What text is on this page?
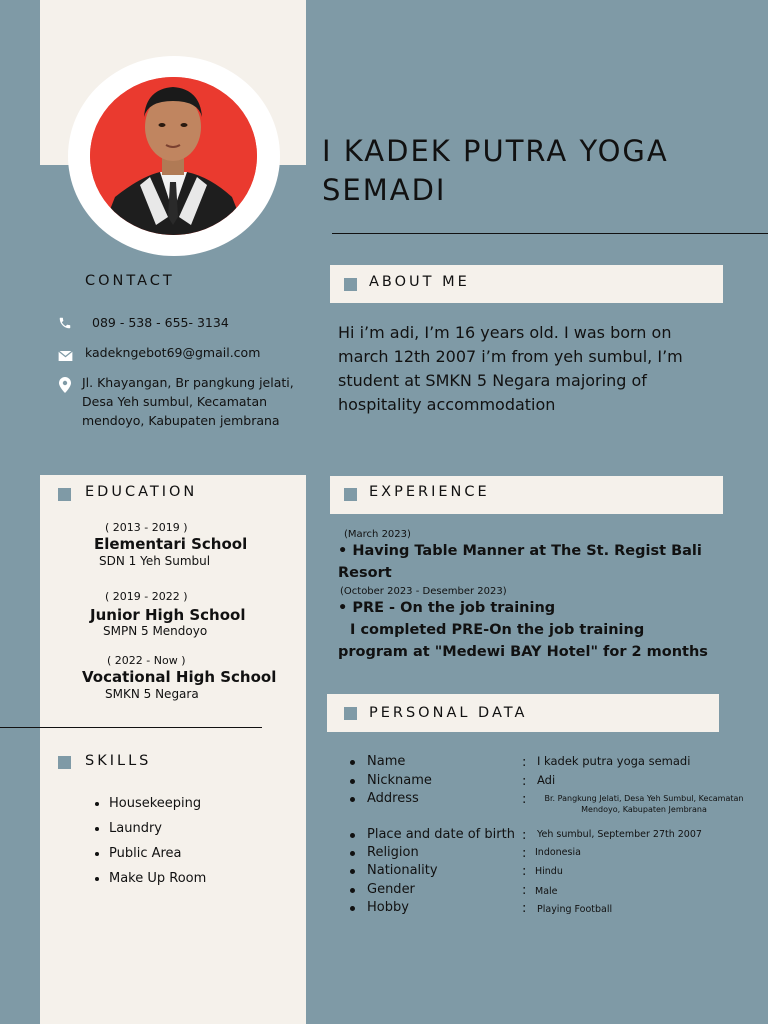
I KADEK PUTRA YOGA SEMADI
CONTACT
089 - 538 - 655- 3134
kadekngebot69@gmail.com
Jl. Khayangan, Br pangkung jelati, Desa Yeh sumbul, Kecamatan mendoyo, Kabupaten jembrana
ABOUT ME
Hi i’m adi, I’m 16 years old. I was born on march 12th 2007 i’m from yeh sumbul, I’m student at SMKN 5 Negara majoring of hospitality accommodation
EDUCATION
( 2013 - 2019 )
Elementari School
SDN 1 Yeh Sumbul
( 2019 - 2022 )
Junior High School
SMPN 5 Mendoyo
( 2022 - Now )
Vocational High School
SMKN 5 Negara
SKILLS
• Housekeeping
• Laundry
• Public Area
• Make Up Room
EXPERIENCE
(March 2023)
• Having Table Manner at The St. Regist Bali Resort
(October 2023 - Desember 2023)
• PRE - On the job training
I completed PRE-On the job training program at "Medewi BAY Hotel" for 2 months
PERSONAL DATA
Name	: I kadek putra yoga semadi
Nickname	: Adi
Address	:	Br. Pangkung Jelati, Desa Yeh Sumbul, Kecamatan Mendoyo, Kabupaten Jembrana
Place and date of birth : Yeh sumbul, September 27th 2007
Religion	: Indonesia
Nationality	: Hindu
Gender	: Male
Hobby	: Playing Football
